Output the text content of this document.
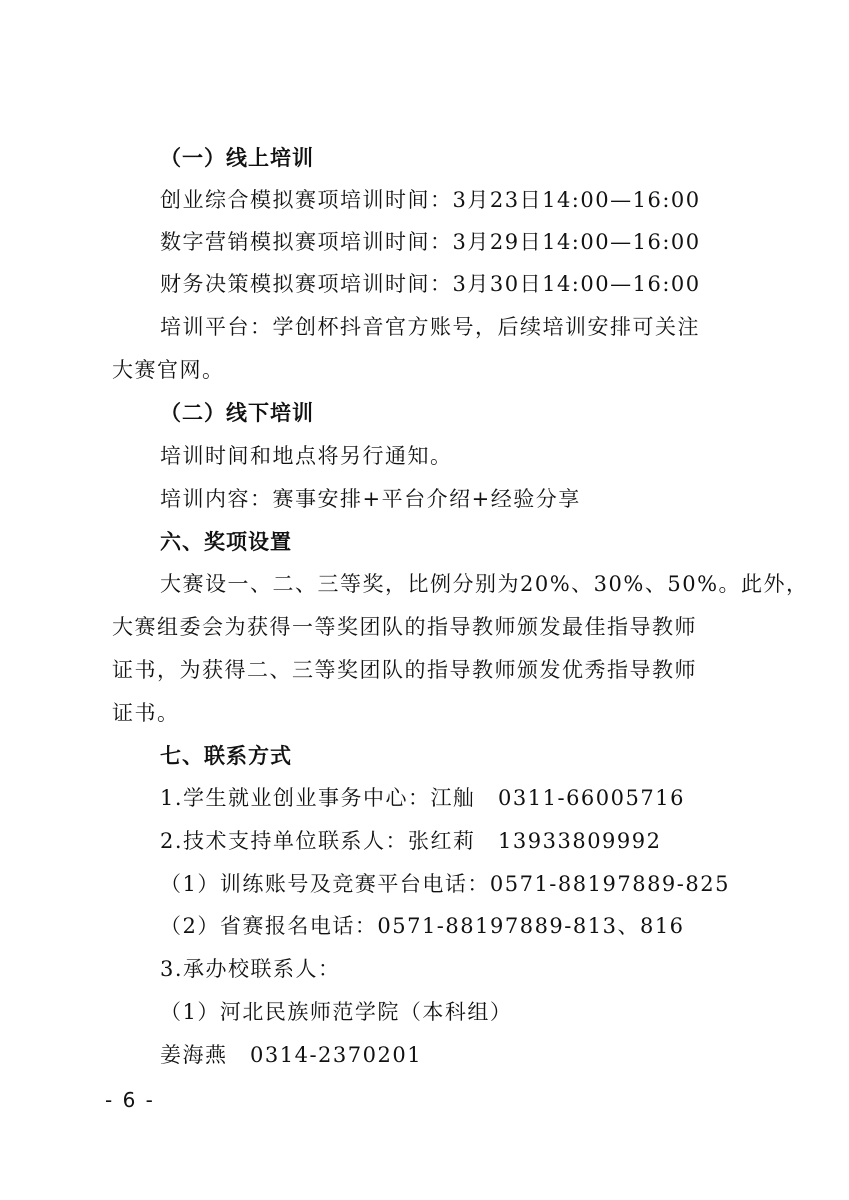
（一）线上培训
创业综合模拟赛项培训时间：3月23日14:00—16:00
数字营销模拟赛项培训时间：3月29日14:00—16:00
财务决策模拟赛项培训时间：3月30日14:00—16:00
培训平台：学创杯抖音官方账号，后续培训安排可关注
大赛官网。
（二）线下培训
培训时间和地点将另行通知。
培训内容：赛事安排+平台介绍+经验分享
六、奖项设置
大赛设一、二、三等奖，比例分别为20%、30%、50%。此外，
大赛组委会为获得一等奖团队的指导教师颁发最佳指导教师
证书，为获得二、三等奖团队的指导教师颁发优秀指导教师
证书。
七、联系方式
1.学生就业创业事务中心：江舢　0311-66005716
2.技术支持单位联系人：张红莉　13933809992
（1）训练账号及竞赛平台电话：0571-88197889-825
（2）省赛报名电话：0571-88197889-813、816
3.承办校联系人：
（1）河北民族师范学院（本科组）
姜海燕　0314-2370201
- 6 -
